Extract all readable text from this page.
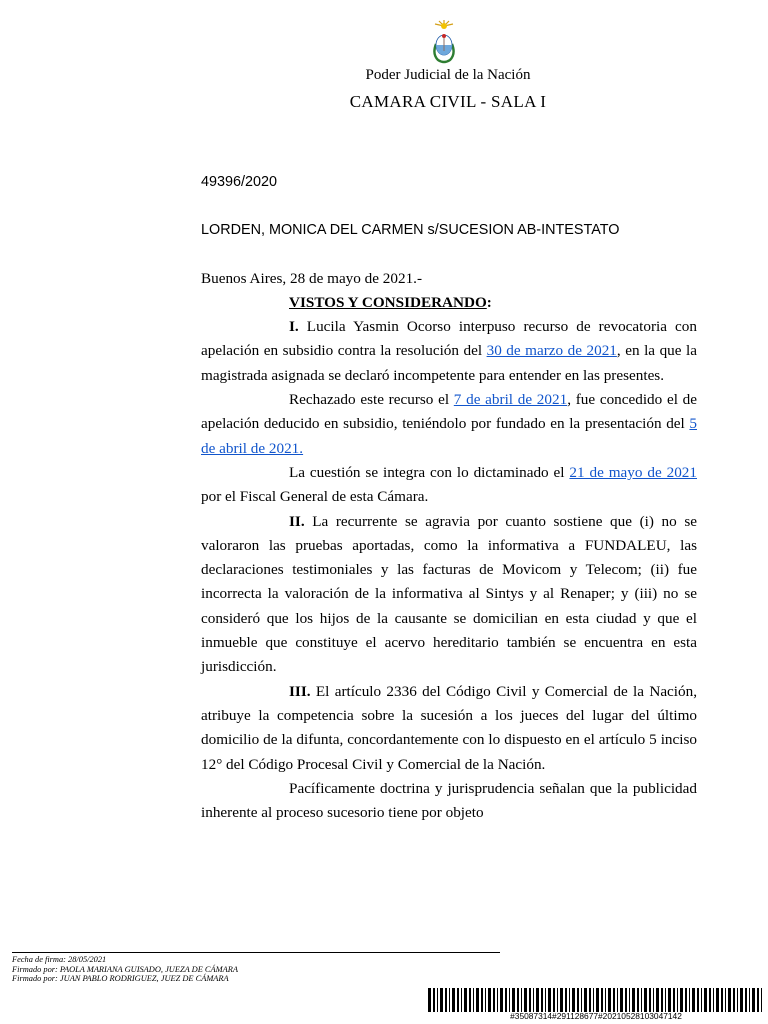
Poder Judicial de la Nación
CAMARA CIVIL - SALA I

49396/2020

LORDEN, MONICA DEL CARMEN s/SUCESION AB-INTESTATO

Buenos Aires, 28 de mayo de 2021.-

VISTOS Y CONSIDERANDO:

I. Lucila Yasmin Ocorso interpuso recurso de revocatoria con apelación en subsidio contra la resolución del 30 de marzo de 2021, en la que la magistrada asignada se declaró incompetente para entender en las presentes.

Rechazado este recurso el 7 de abril de 2021, fue concedido el de apelación deducido en subsidio, teniéndolo por fundado en la presentación del 5 de abril de 2021.

La cuestión se integra con lo dictaminado el 21 de mayo de 2021 por el Fiscal General de esta Cámara.

II. La recurrente se agravia por cuanto sostiene que (i) no se valoraron las pruebas aportadas, como la informativa a FUNDALEU, las declaraciones testimoniales y las facturas de Movicom y Telecom; (ii) fue incorrecta la valoración de la informativa al Sintys y al Renaper; y (iii) no se consideró que los hijos de la causante se domicilian en esta ciudad y que el inmueble que constituye el acervo hereditario también se encuentra en esta jurisdicción.

III. El artículo 2336 del Código Civil y Comercial de la Nación, atribuye la competencia sobre la sucesión a los jueces del lugar del último domicilio de la difunta, concordantemente con lo dispuesto en el artículo 5 inciso 12° del Código Procesal Civil y Comercial de la Nación.

Pacíficamente doctrina y jurisprudencia señalan que la publicidad inherente al proceso sucesorio tiene por objeto

Fecha de firma: 28/05/2021
Firmado por: PAOLA MARIANA GUISADO, JUEZA DE CÁMARA
Firmado por: JUAN PABLO RODRIGUEZ, JUEZ DE CÁMARA
#35087314#291128677#20210528103047142
